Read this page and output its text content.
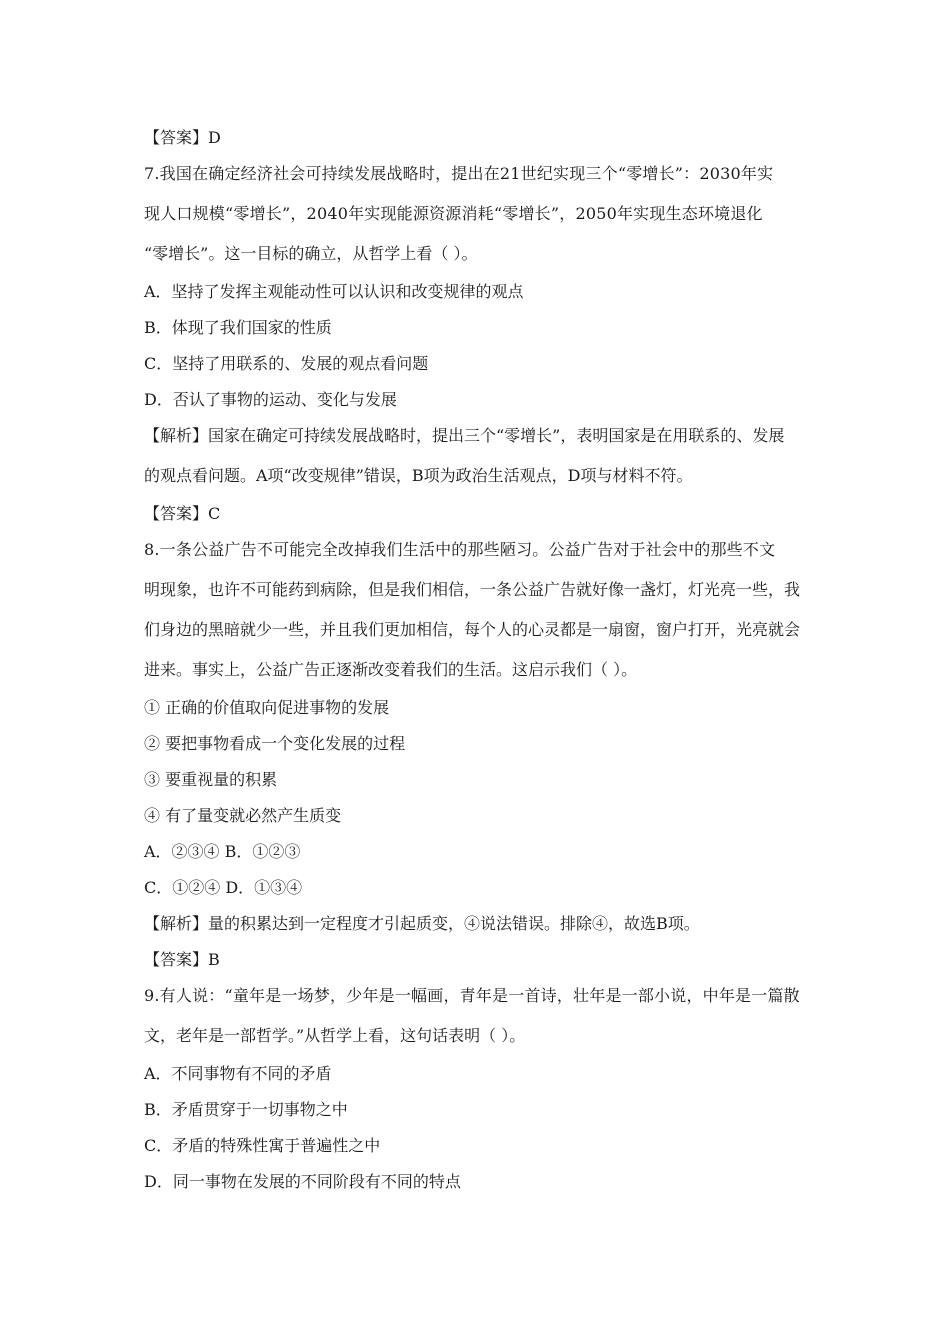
【答案】D
7.我国在确定经济社会可持续发展战略时，提出在21世纪实现三个“零增长”：2030年实
现人口规模“零增长”，2040年实现能源资源消耗“零增长”，2050年实现生态环境退化
“零增长”。这一目标的确立，从哲学上看（ ）。
A．坚持了发挥主观能动性可以认识和改变规律的观点
B．体现了我们国家的性质
C．坚持了用联系的、发展的观点看问题
D．否认了事物的运动、变化与发展
【解析】国家在确定可持续发展战略时，提出三个“零增长”，表明国家是在用联系的、发展
的观点看问题。A项“改变规律”错误，B项为政治生活观点，D项与材料不符。
【答案】C
8.一条公益广告不可能完全改掉我们生活中的那些陋习。公益广告对于社会中的那些不文
明现象，也许不可能药到病除，但是我们相信，一条公益广告就好像一盏灯，灯光亮一些，我
们身边的黑暗就少一些，并且我们更加相信，每个人的心灵都是一扇窗，窗户打开，光亮就会
进来。事实上，公益广告正逐渐改变着我们的生活。这启示我们（ ）。
① 正确的价值取向促进事物的发展
② 要把事物看成一个变化发展的过程
③ 要重视量的积累
④ 有了量变就必然产生质变
A．②③④ B．①②③
C．①②④ D．①③④
【解析】量的积累达到一定程度才引起质变，④说法错误。排除④，故选B项。
【答案】B
9.有人说：“童年是一场梦，少年是一幅画，青年是一首诗，壮年是一部小说，中年是一篇散
文，老年是一部哲学。”从哲学上看，这句话表明（ ）。
A．不同事物有不同的矛盾
B．矛盾贯穿于一切事物之中
C．矛盾的特殊性寓于普遍性之中
D．同一事物在发展的不同阶段有不同的特点
